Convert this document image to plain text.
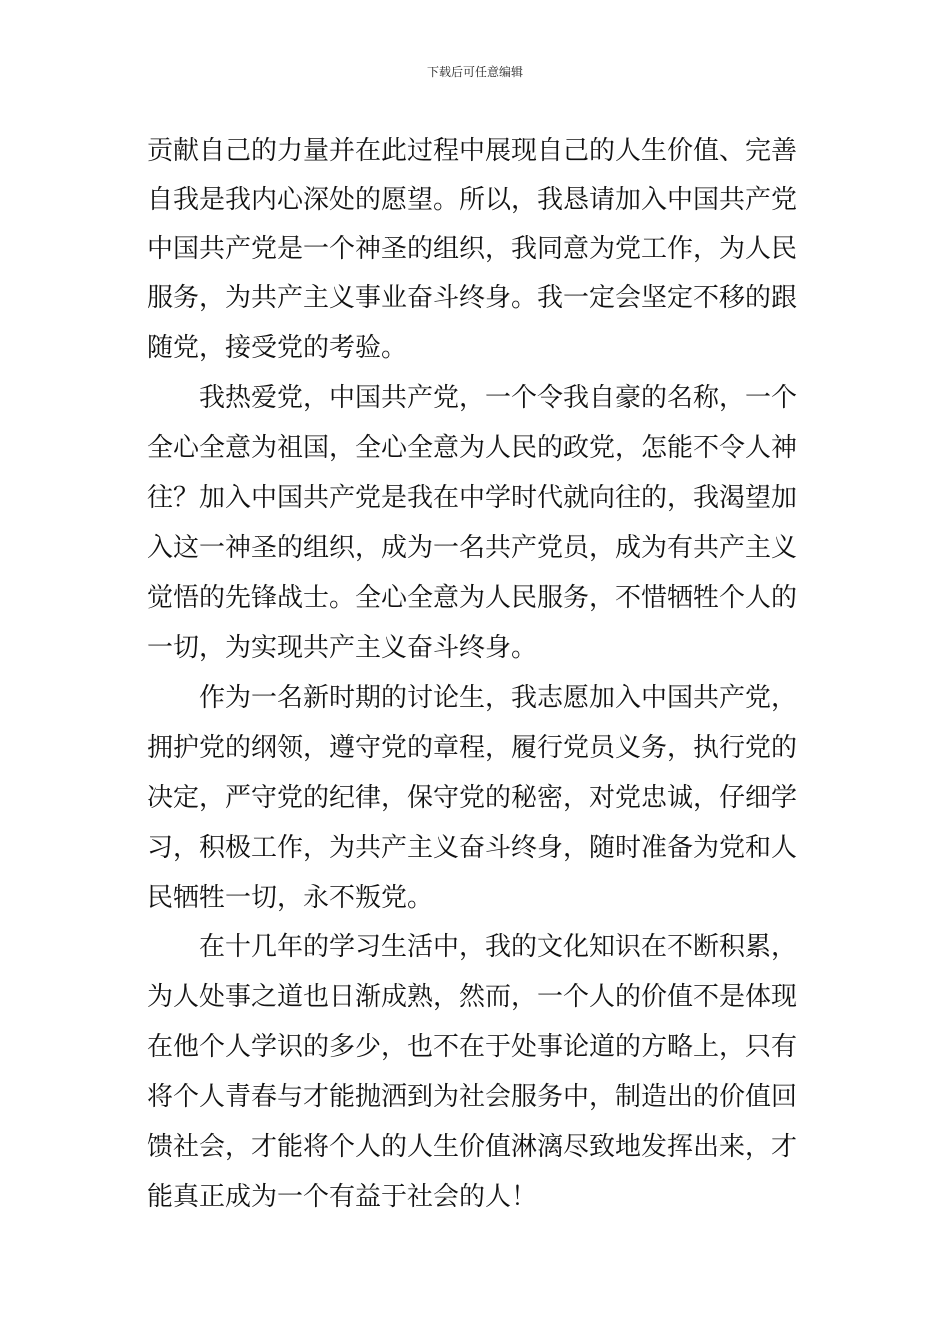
下载后可任意编辑
贡献自己的力量并在此过程中展现自己的人生价值、完善
自我是我内心深处的愿望。所以，我恳请加入中国共产党
中国共产党是一个神圣的组织，我同意为党工作，为人民
服务，为共产主义事业奋斗终身。我一定会坚定不移的跟
随党，接受党的考验。
我热爱党，中国共产党，一个令我自豪的名称，一个
全心全意为祖国，全心全意为人民的政党，怎能不令人神
往？加入中国共产党是我在中学时代就向往的，我渴望加
入这一神圣的组织，成为一名共产党员，成为有共产主义
觉悟的先锋战士。全心全意为人民服务，不惜牺牲个人的
一切，为实现共产主义奋斗终身。
作为一名新时期的讨论生，我志愿加入中国共产党，
拥护党的纲领，遵守党的章程，履行党员义务，执行党的
决定，严守党的纪律，保守党的秘密，对党忠诚，仔细学
习，积极工作，为共产主义奋斗终身，随时准备为党和人
民牺牲一切，永不叛党。
在十几年的学习生活中，我的文化知识在不断积累，
为人处事之道也日渐成熟，然而，一个人的价值不是体现
在他个人学识的多少，也不在于处事论道的方略上，只有
将个人青春与才能抛洒到为社会服务中，制造出的价值回
馈社会，才能将个人的人生价值淋漓尽致地发挥出来，才
能真正成为一个有益于社会的人！
